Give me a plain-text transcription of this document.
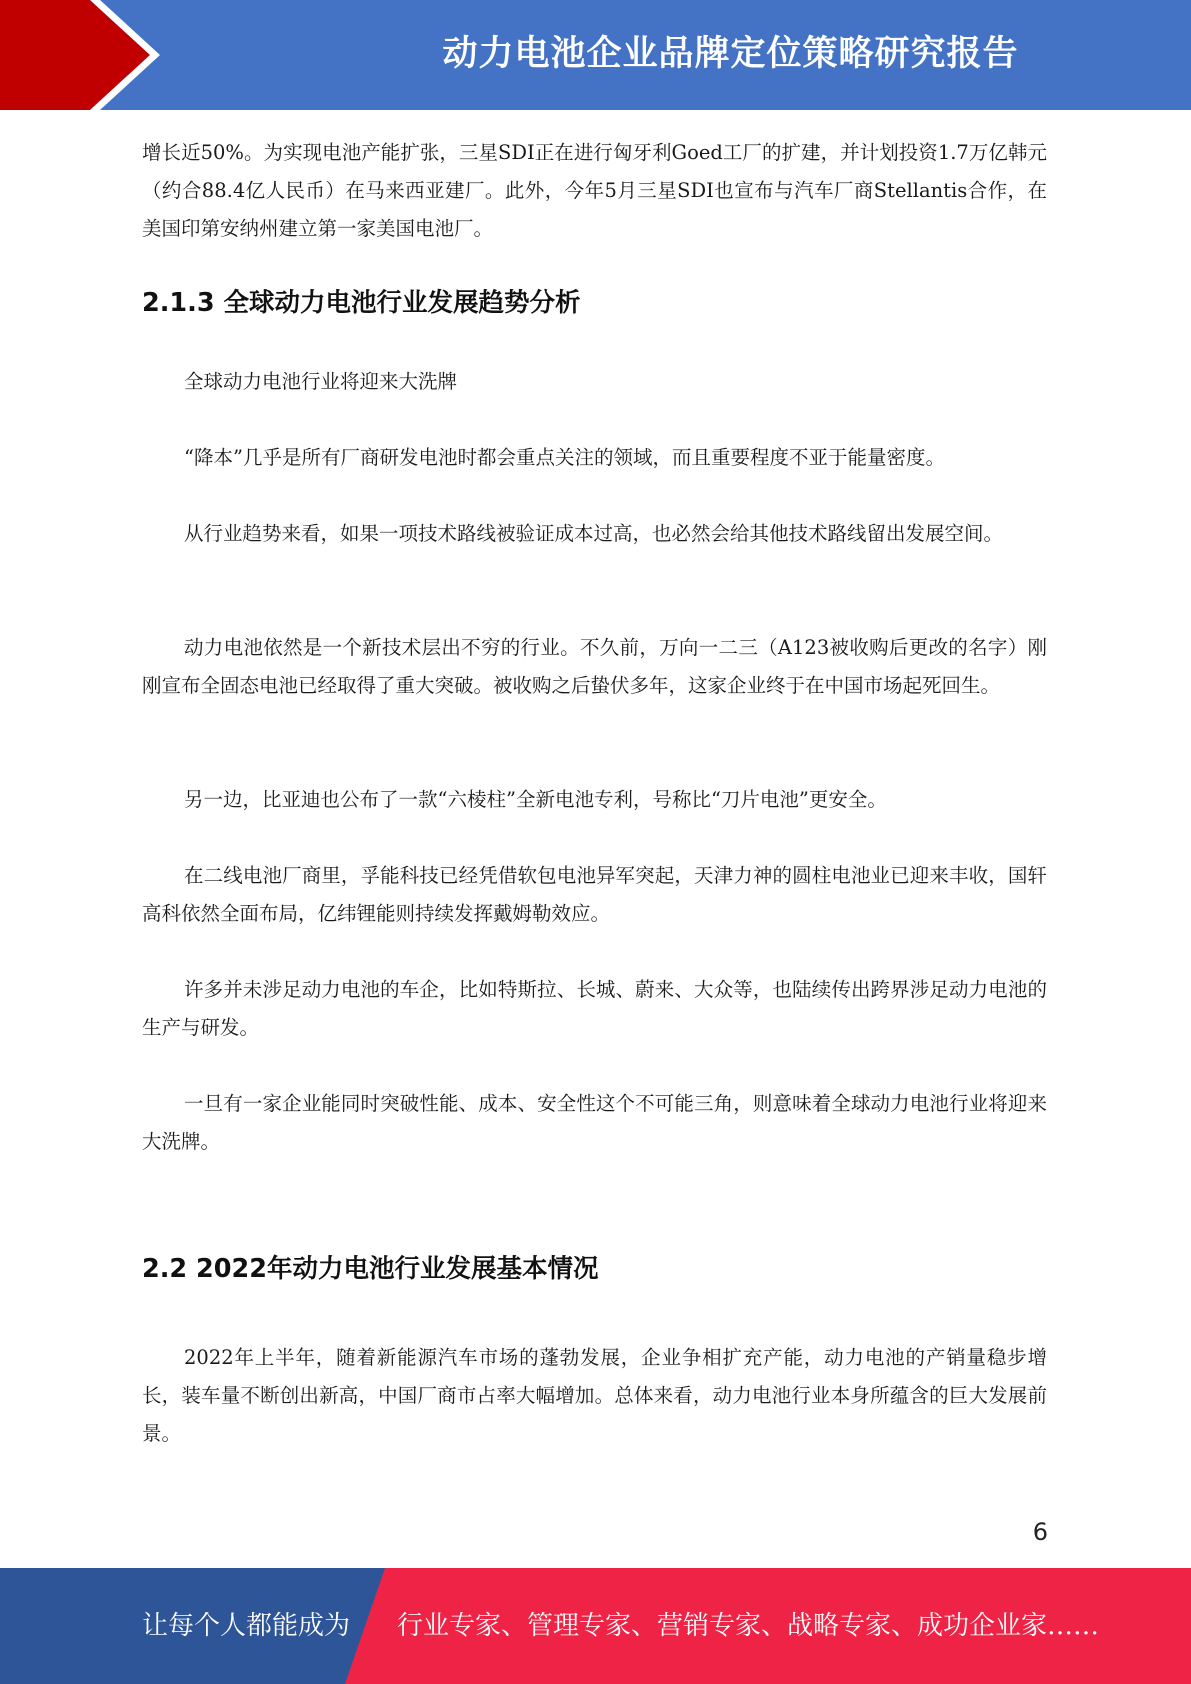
动力电池企业品牌定位策略研究报告

增长近50%。为实现电池产能扩张，三星SDI正在进行匈牙利Goed工厂的扩建，并计划投资1.7万亿韩元（约合88.4亿人民币）在马来西亚建厂。此外，今年5月三星SDI也宣布与汽车厂商Stellantis合作，在美国印第安纳州建立第一家美国电池厂。

2.1.3 全球动力电池行业发展趋势分析

全球动力电池行业将迎来大洗牌

“降本”几乎是所有厂商研发电池时都会重点关注的领域，而且重要程度不亚于能量密度。

从行业趋势来看，如果一项技术路线被验证成本过高，也必然会给其他技术路线留出发展空间。

动力电池依然是一个新技术层出不穷的行业。不久前，万向一二三（A123被收购后更改的名字）刚刚宣布全固态电池已经取得了重大突破。被收购之后蛰伏多年，这家企业终于在中国市场起死回生。

另一边，比亚迪也公布了一款“六棱柱”全新电池专利，号称比“刀片电池”更安全。

在二线电池厂商里，孚能科技已经凭借软包电池异军突起，天津力神的圆柱电池业已迎来丰收，国轩高科依然全面布局，亿纬锂能则持续发挥戴姆勒效应。

许多并未涉足动力电池的车企，比如特斯拉、长城、蔚来、大众等，也陆续传出跨界涉足动力电池的生产与研发。

一旦有一家企业能同时突破性能、成本、安全性这个不可能三角，则意味着全球动力电池行业将迎来大洗牌。

2.2 2022年动力电池行业发展基本情况

2022年上半年，随着新能源汽车市场的蓬勃发展，企业争相扩充产能，动力电池的产销量稳步增长，装车量不断创出新高，中国厂商市占率大幅增加。总体来看，动力电池行业本身所蕴含的巨大发展前景。

6
让每个人都能成为 行业专家、管理专家、营销专家、战略专家、成功企业家……
